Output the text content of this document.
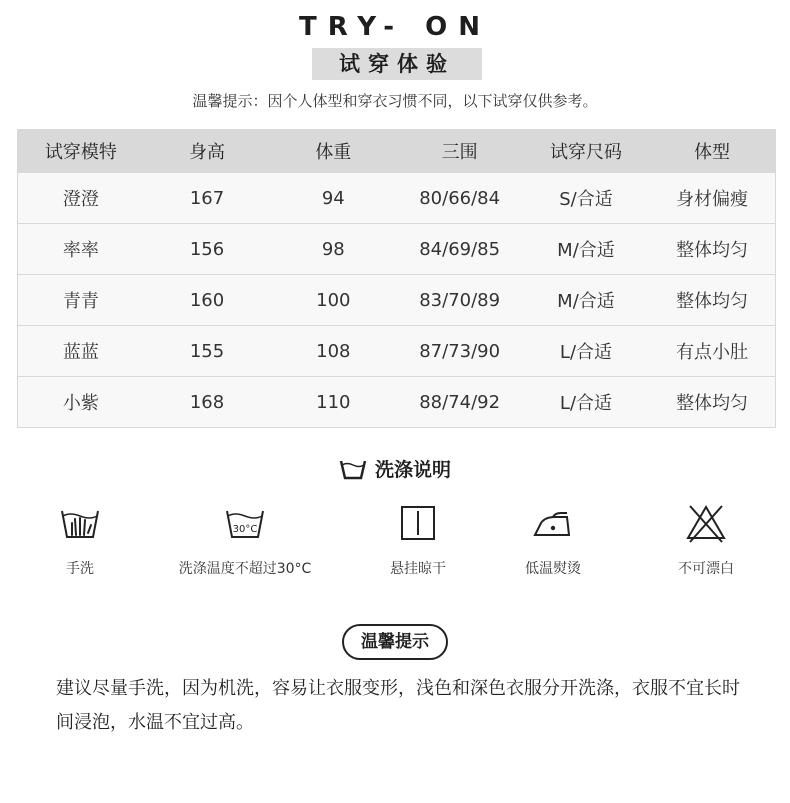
TRY- ON
试穿体验
温馨提示：因个人体型和穿衣习惯不同，以下试穿仅供参考。
试穿模特	身高	体重	三围	试穿尺码	体型
澄澄	167	94	80/66/84	S/合适	身材偏瘦
率率	156	98	84/69/85	M/合适	整体均匀
青青	160	100	83/70/89	M/合适	整体均匀
蓝蓝	155	108	87/73/90	L/合适	有点小肚
小紫	168	110	88/74/92	L/合适	整体均匀
洗涤说明
手洗
30°C
洗涤温度不超过30°C	悬挂晾干	低温熨烫	不可漂白
温馨提示
建议尽量手洗，因为机洗，容易让衣服变形，浅色和深色衣服分开洗涤，衣服不宜长时间浸泡，水温不宜过高。
